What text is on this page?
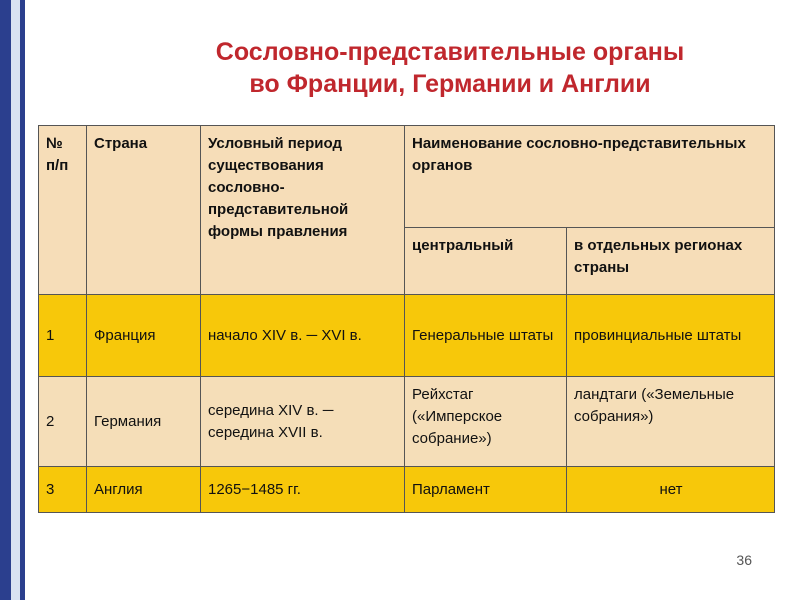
Сословно-представительные органы
во Франции, Германии и Англии
№ п/п	Страна	Условный период существования сословно-представительной формы правления	Наименование сословно-представительных органов	
			центральный	в отдельных регионах страны
1	Франция	начало XIV в. ─ XVI в.	Генеральные штаты	провинциальные штаты
2	Германия	середина XIV в. ─ середина XVII в.	Рейхстаг («Имперское собрание»)	ландтаги («Земельные собрания»)
3	Англия	1265−1485 гг.	Парламент	нет
36
